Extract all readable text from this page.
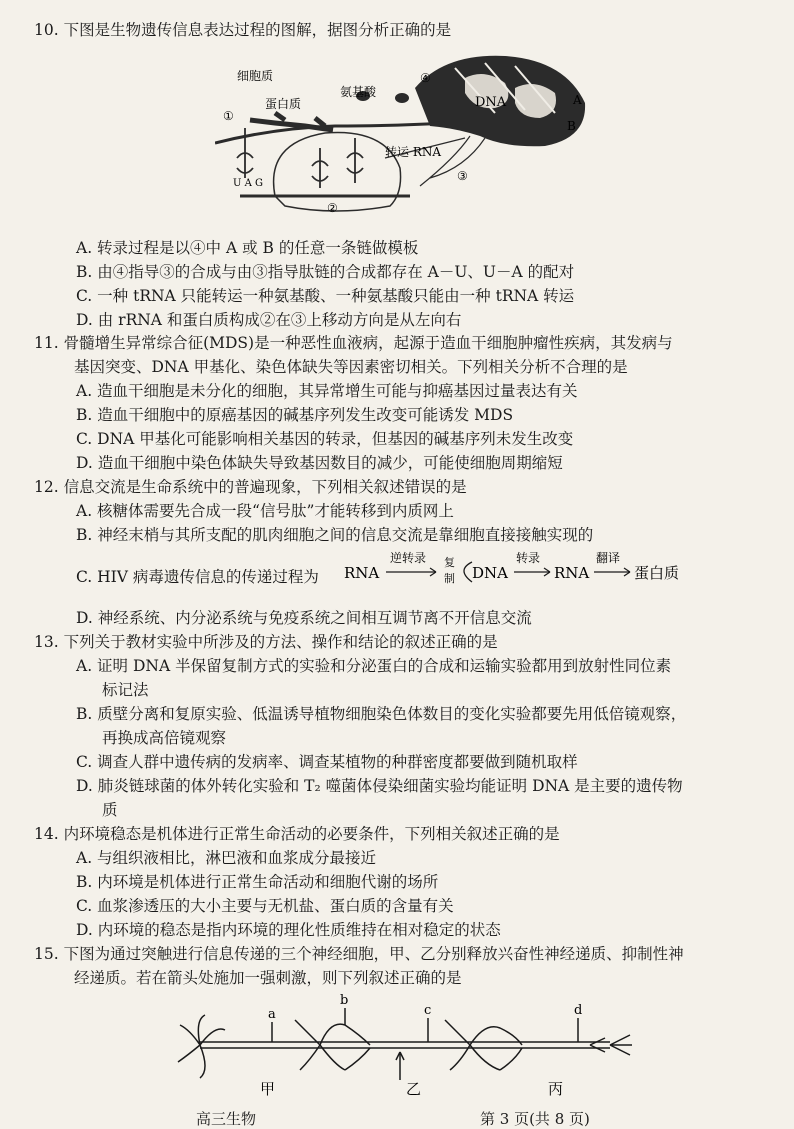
10. 下图是生物遗传信息表达过程的图解，据图分析正确的是
细胞质
蛋白质
氨基酸
转运 RNA
DNA
①
②
③
④
A
B
U A G
A. 转录过程是以④中 A 或 B 的任意一条链做模板
B. 由④指导③的合成与由③指导肽链的合成都存在 A－U、U－A 的配对
C. 一种 tRNA 只能转运一种氨基酸、一种氨基酸只能由一种 tRNA 转运
D. 由 rRNA 和蛋白质构成②在③上移动方向是从左向右
11. 骨髓增生异常综合征(MDS)是一种恶性血液病，起源于造血干细胞肿瘤性疾病，其发病与
基因突变、DNA 甲基化、染色体缺失等因素密切相关。下列相关分析不合理的是
A. 造血干细胞是未分化的细胞，其异常增生可能与抑癌基因过量表达有关
B. 造血干细胞中的原癌基因的碱基序列发生改变可能诱发 MDS
C. DNA 甲基化可能影响相关基因的转录，但基因的碱基序列未发生改变
D. 造血干细胞中染色体缺失导致基因数目的减少，可能使细胞周期缩短
12. 信息交流是生命系统中的普遍现象，下列相关叙述错误的是
A. 核糖体需要先合成一段“信号肽”才能转移到内质网上
B. 神经末梢与其所支配的肌肉细胞之间的信息交流是靠细胞直接接触实现的
C. HIV 病毒遗传信息的传递过程为 RNA
逆转录 复
制 DNA
转录
RNA
翻译
蛋白质
D. 神经系统、内分泌系统与免疫系统之间相互调节离不开信息交流
13. 下列关于教材实验中所涉及的方法、操作和结论的叙述正确的是
A. 证明 DNA 半保留复制方式的实验和分泌蛋白的合成和运输实验都用到放射性同位素
标记法
B. 质壁分离和复原实验、低温诱导植物细胞染色体数目的变化实验都要先用低倍镜观察，
再换成高倍镜观察
C. 调查人群中遗传病的发病率、调查某植物的种群密度都要做到随机取样
D. 肺炎链球菌的体外转化实验和 T₂ 噬菌体侵染细菌实验均能证明 DNA 是主要的遗传物
质
14. 内环境稳态是机体进行正常生命活动的必要条件，下列相关叙述正确的是
A. 与组织液相比，淋巴液和血浆成分最接近
B. 内环境是机体进行正常生命活动和细胞代谢的场所
C. 血浆渗透压的大小主要与无机盐、蛋白质的含量有关
D. 内环境的稳态是指内环境的理化性质维持在相对稳定的状态
15. 下图为通过突触进行信息传递的三个神经细胞，甲、乙分别释放兴奋性神经递质、抑制性神
经递质。若在箭头处施加一强刺激，则下列叙述正确的是
a
b
c	d
甲	乙	丙
高三生物	第 3 页(共 8 页)
